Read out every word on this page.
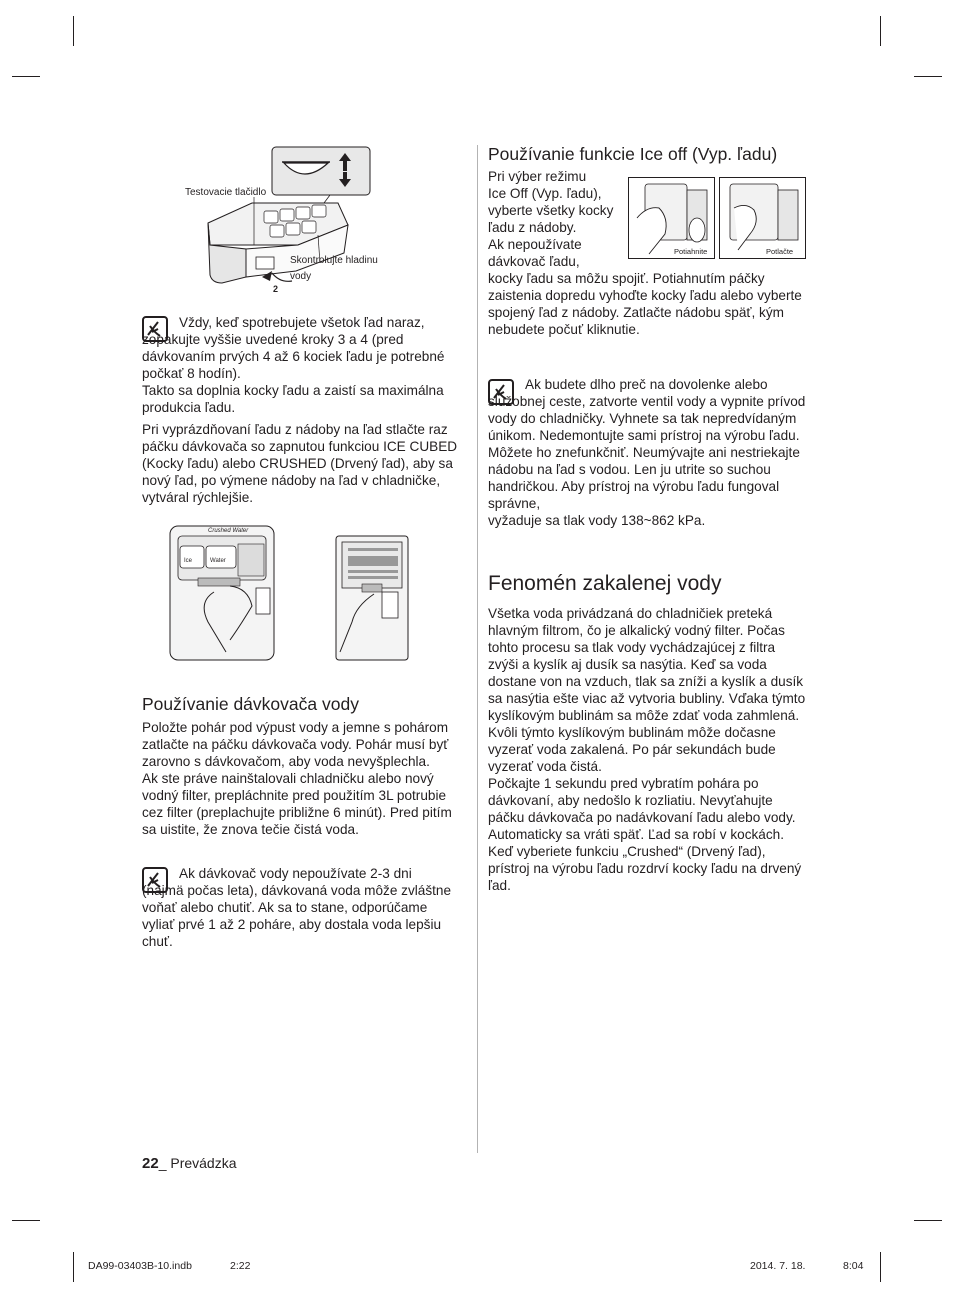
Testovacie tlačidlo
Skontrolujte hladinu vody
2

Vždy, keď spotrebujete všetok ľad naraz, zopakujte vyššie uvedené kroky 3 a 4 (pred dávkovaním prvých 4 až 6 kociek ľadu je potrebné počkať 8 hodín).

Takto sa doplnia kocky ľadu a zaistí sa maximálna produkcia ľadu.

Pri vyprázdňovaní ľadu z nádoby na ľad stlačte raz páčku dávkovača so zapnutou funkciou ICE CUBED (Kocky ľadu) alebo CRUSHED (Drvený ľad), aby sa nový ľad, po výmene nádoby na ľad v chladničke, vytváral rýchlejšie.

Crushed Water
Ice	Water
Používanie dávkovača vody

Položte pohár pod výpust vody a jemne s pohárom zatlačte na páčku dávkovača vody. Pohár musí byť zarovno s dávkovačom, aby voda nevyšplechla.

Ak ste práve nainštalovali chladničku alebo nový vodný filter, prepláchnite pred použitím 3L potrubie cez filter (preplachujte približne 6 minút). Pred pitím sa uistite, že znova tečie čistá voda.

Ak dávkovač vody nepoužívate 2-3 dni (najmä počas leta), dávkovaná voda môže zvláštne voňať alebo chutiť. Ak sa to stane, odporúčame vyliať prvé 1 až 2 poháre, aby dostala voda lepšiu chuť.

Používanie funkcie Ice off (Vyp. ľadu)

Pri výber režimu

Ice Off (Vyp. ľadu),

vyberte všetky kocky

ľadu z nádoby.

Ak nepoužívate

dávkovač ľadu,

kocky ľadu sa môžu spojiť. Potiahnutím páčky zaistenia dopredu vyhoďte kocky ľadu alebo vyberte spojený ľad z nádoby. Zatlačte nádobu späť, kým nebudete počuť kliknutie.

Potiahnite	Potlačte

Ak budete dlho preč na dovolenke alebo služobnej ceste, zatvorte ventil vody a vypnite prívod vody do chladničky. Vyhnete sa tak nepredvídaným únikom. Nedemontujte sami prístroj na výrobu ľadu. Môžete ho znefunkčniť. Neumývajte ani nestriekajte nádobu na ľad s vodou. Len ju utrite so suchou handričkou. Aby prístroj na výrobu ľadu fungoval správne,

vyžaduje sa tlak vody 138~862 kPa.

Fenomén zakalenej vody

Všetka voda privádzaná do chladničiek preteká hlavným filtrom, čo je alkalický vodný filter. Počas tohto procesu sa tlak vody vychádzajúcej z filtra zvýši a kyslík aj dusík sa nasýtia. Keď sa voda dostane von na vzduch, tlak sa zníži a kyslík a dusík sa nasýtia ešte viac až vytvoria bubliny. Vďaka týmto kyslíkovým bublinám sa môže zdať voda zahmlená. Kvôli týmto kyslíkovým bublinám môže dočasne vyzerať voda zakalená. Po pár sekundách bude vyzerať voda čistá.

Počkajte 1 sekundu pred vybratím pohára po dávkovaní, aby nedošlo k rozliatiu. Nevyťahujte páčku dávkovača po nadávkovaní ľadu alebo vody. Automaticky sa vráti späť. Ľad sa robí v kockách.

Keď vyberiete funkciu „Crushed“ (Drvený ľad), prístroj na výrobu ľadu rozdrví kocky ľadu na drvený ľad.

22_ Prevádzka
DA99-03403B-10.indb	2:22	2014. 7. 18.	8:04
